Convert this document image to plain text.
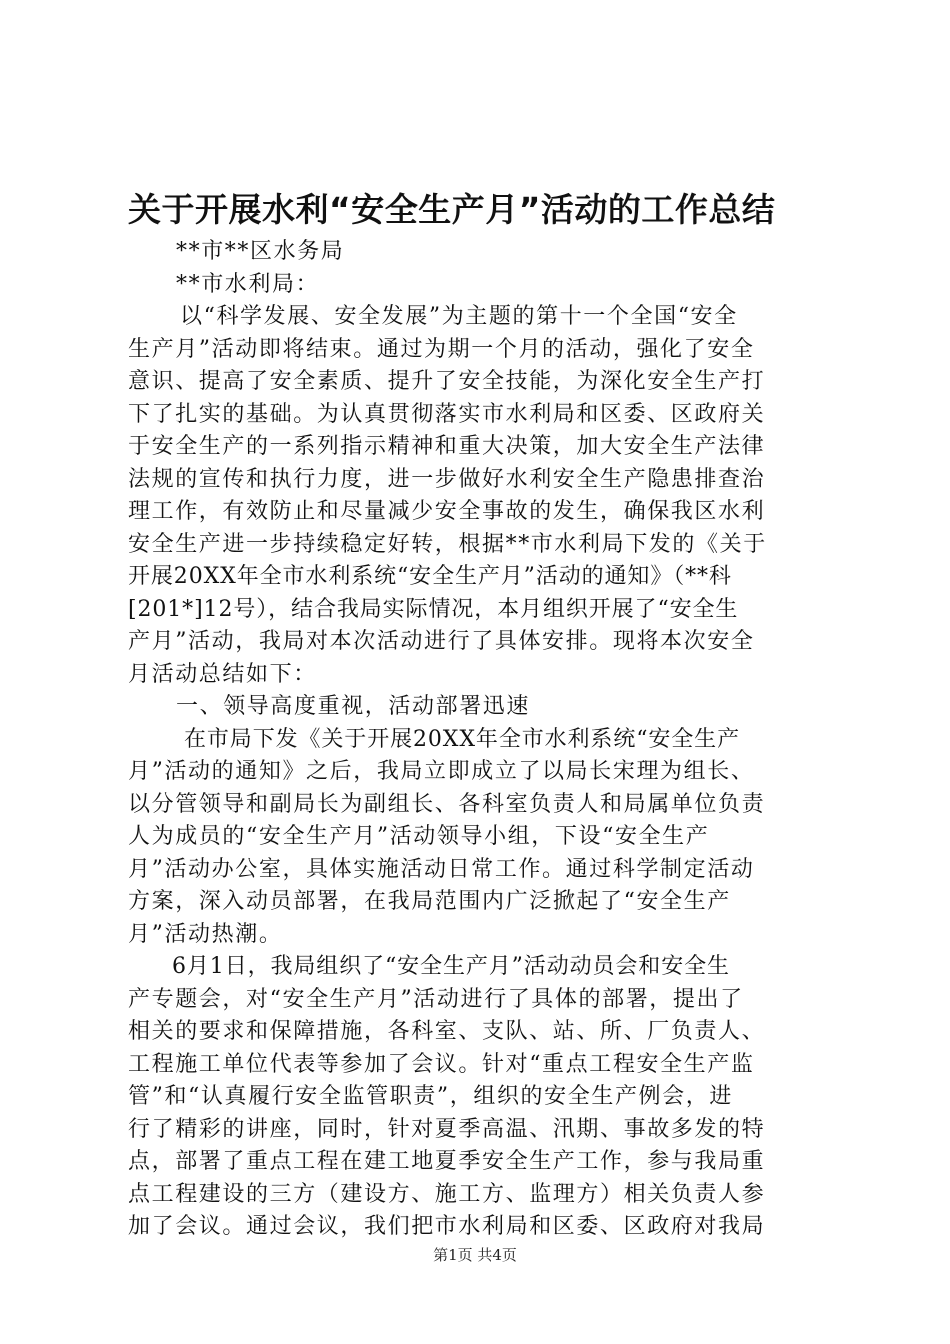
关于开展水利“安全生产月”活动的工作总结

**市**区水务局

**市水利局：

以“科学发展、安全发展”为主题的第十一个全国“安全

生产月”活动即将结束。通过为期一个月的活动，强化了安全

意识、提高了安全素质、提升了安全技能，为深化安全生产打

下了扎实的基础。为认真贯彻落实市水利局和区委、区政府关

于安全生产的一系列指示精神和重大决策，加大安全生产法律

法规的宣传和执行力度，进一步做好水利安全生产隐患排查治

理工作，有效防止和尽量减少安全事故的发生，确保我区水利

安全生产进一步持续稳定好转，根据**市水利局下发的《关于

开展20XX年全市水利系统“安全生产月”活动的通知》（**科

[201*]12号），结合我局实际情况，本月组织开展了“安全生

产月”活动，我局对本次活动进行了具体安排。现将本次安全

月活动总结如下：

一、领导高度重视，活动部署迅速

在市局下发《关于开展20XX年全市水利系统“安全生产

月”活动的通知》之后，我局立即成立了以局长宋理为组长、

以分管领导和副局长为副组长、各科室负责人和局属单位负责

人为成员的“安全生产月”活动领导小组，下设“安全生产

月”活动办公室，具体实施活动日常工作。通过科学制定活动

方案，深入动员部署，在我局范围内广泛掀起了“安全生产

月”活动热潮。

6月1日，我局组织了“安全生产月”活动动员会和安全生

产专题会，对“安全生产月”活动进行了具体的部署，提出了

相关的要求和保障措施，各科室、支队、站、所、厂负责人、

工程施工单位代表等参加了会议。针对“重点工程安全生产监

管”和“认真履行安全监管职责”，组织的安全生产例会，进

行了精彩的讲座，同时，针对夏季高温、汛期、事故多发的特

点，部署了重点工程在建工地夏季安全生产工作，参与我局重

点工程建设的三方（建设方、施工方、监理方）相关负责人参

加了会议。通过会议，我们把市水利局和区委、区政府对我局

第1页 共4页
